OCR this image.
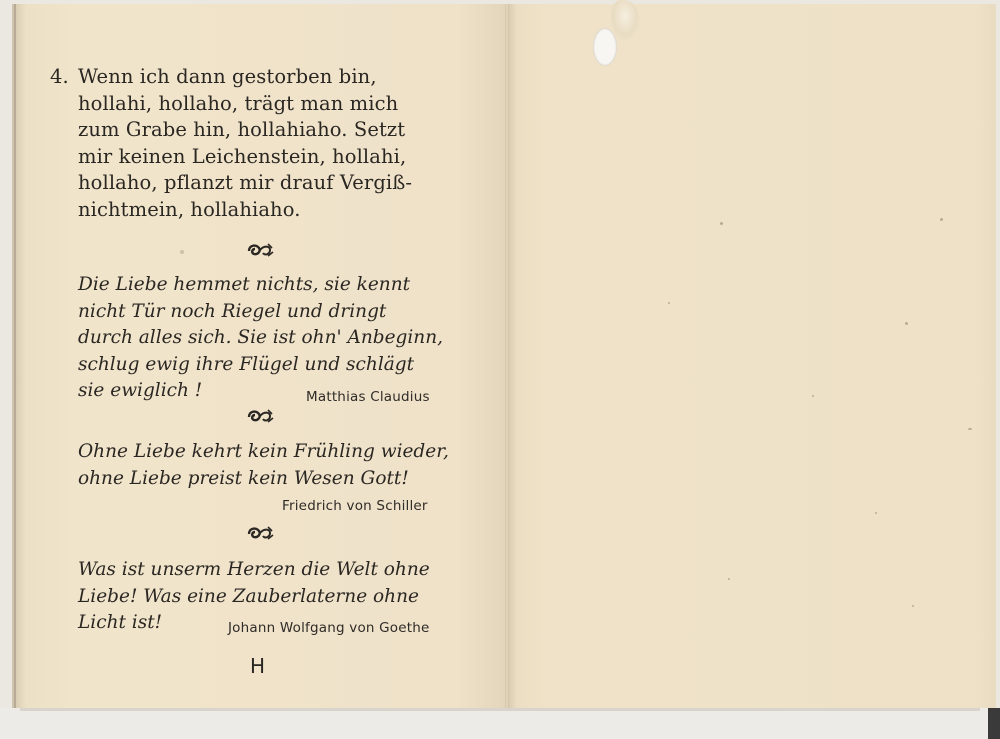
4. Wenn ich dann gestorben bin,
hollahi, hollaho, trägt man mich
zum Grabe hin, hollahiaho. Setzt
mir keinen Leichenstein, hollahi,
hollaho, pflanzt mir drauf Vergiß-
nichtmein, hollahiaho.
Die Liebe hemmet nichts, sie kennt
nicht Tür noch Riegel und dringt
durch alles sich. Sie ist ohn' Anbeginn,
schlug ewig ihre Flügel und schlägt
sie ewiglich !	Matthias Claudius
Ohne Liebe kehrt kein Frühling wieder,
ohne Liebe preist kein Wesen Gott!
Friedrich von Schiller
Was ist unserm Herzen die Welt ohne
Liebe! Was eine Zauberlaterne ohne
Licht ist!	Johann Wolfgang von Goethe
H
